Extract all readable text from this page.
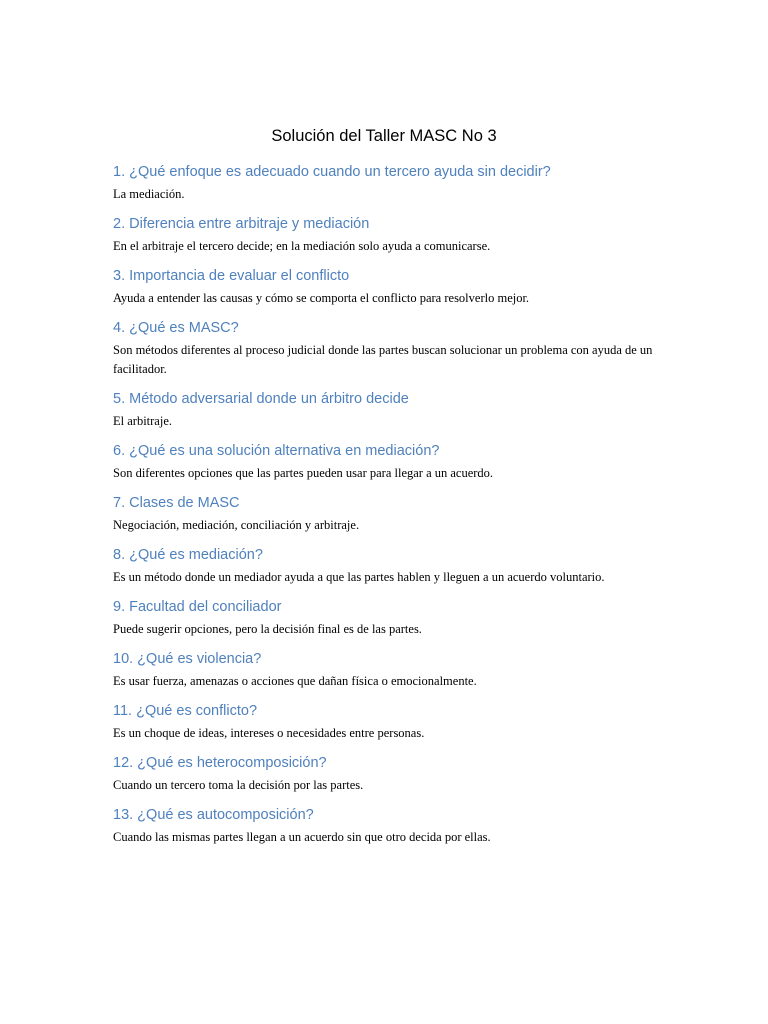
Solución del Taller MASC No 3

1. ¿Qué enfoque es adecuado cuando un tercero ayuda sin decidir?

La mediación.

2. Diferencia entre arbitraje y mediación

En el arbitraje el tercero decide; en la mediación solo ayuda a comunicarse.

3. Importancia de evaluar el conflicto

Ayuda a entender las causas y cómo se comporta el conflicto para resolverlo mejor.

4. ¿Qué es MASC?

Son métodos diferentes al proceso judicial donde las partes buscan solucionar un problema con ayuda de un facilitador.

5. Método adversarial donde un árbitro decide

El arbitraje.

6. ¿Qué es una solución alternativa en mediación?

Son diferentes opciones que las partes pueden usar para llegar a un acuerdo.

7. Clases de MASC

Negociación, mediación, conciliación y arbitraje.

8. ¿Qué es mediación?

Es un método donde un mediador ayuda a que las partes hablen y lleguen a un acuerdo voluntario.

9. Facultad del conciliador

Puede sugerir opciones, pero la decisión final es de las partes.

10. ¿Qué es violencia?

Es usar fuerza, amenazas o acciones que dañan física o emocionalmente.

11. ¿Qué es conflicto?

Es un choque de ideas, intereses o necesidades entre personas.

12. ¿Qué es heterocomposición?

Cuando un tercero toma la decisión por las partes.

13. ¿Qué es autocomposición?

Cuando las mismas partes llegan a un acuerdo sin que otro decida por ellas.
